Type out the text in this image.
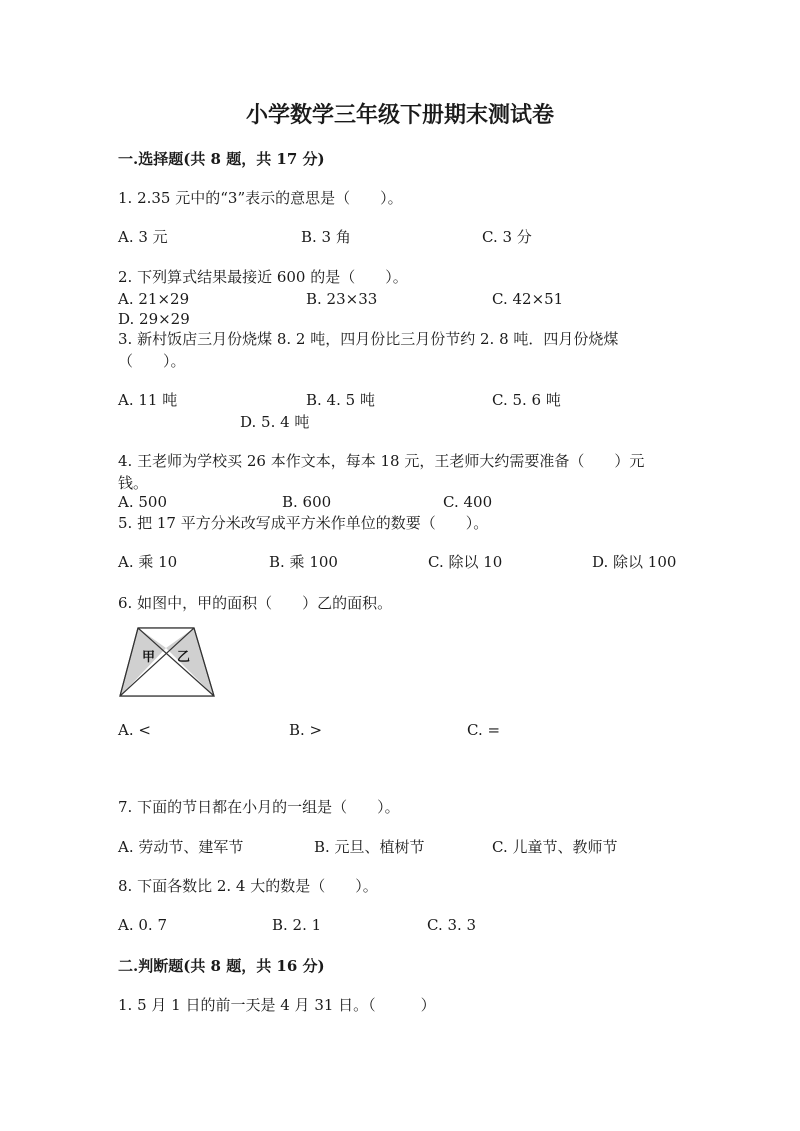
小学数学三年级下册期末测试卷
一.选择题(共 8 题，共 17 分)
1. 2.35 元中的“3”表示的意思是（　　）。
A. 3 元	B. 3 角	C. 3 分
2. 下列算式结果最接近 600 的是（　　）。
A. 21×29	B. 23×33	C. 42×51
D. 29×29
3. 新村饭店三月份烧煤 8. 2 吨，四月份比三月份节约 2. 8 吨．四月份烧煤
（　　）。
A. 11 吨	B. 4. 5 吨	C. 5. 6 吨
D. 5. 4 吨
4. 王老师为学校买 26 本作文本，每本 18 元，王老师大约需要准备（　　）元
钱。
A. 500	B. 600	C. 400
5. 把 17 平方分米改写成平方米作单位的数要（　　）。
A. 乘 10	B. 乘 100	C. 除以 10	D. 除以 100
6. 如图中，甲的面积（　　）乙的面积。
甲 乙
A. <	B. >	C. =
7. 下面的节日都在小月的一组是（　　）。
A. 劳动节、建军节	B. 元旦、植树节	C. 儿童节、教师节
8. 下面各数比 2. 4 大的数是（　　）。
A. 0. 7	B. 2. 1	C. 3. 3
二.判断题(共 8 题，共 16 分)
1. 5 月 1 日的前一天是 4 月 31 日。（　　　）
